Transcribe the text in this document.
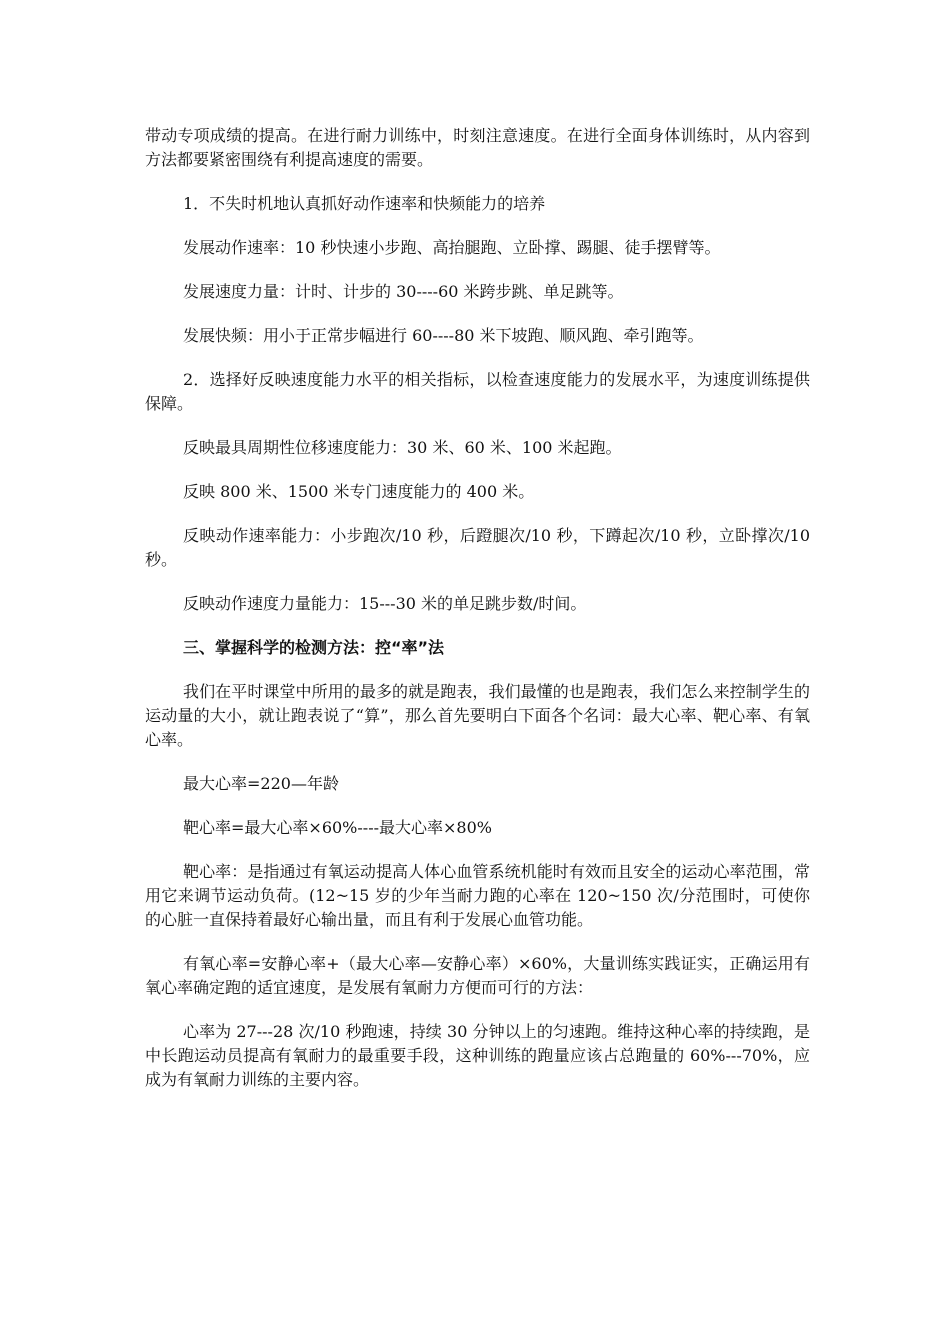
带动专项成绩的提高。在进行耐力训练中，时刻注意速度。在进行全面身体训练时，从内容到方法都要紧密围绕有利提高速度的需要。

1．不失时机地认真抓好动作速率和快频能力的培养

发展动作速率：10 秒快速小步跑、高抬腿跑、立卧撑、踢腿、徒手摆臂等。

发展速度力量：计时、计步的 30----60 米跨步跳、单足跳等。

发展快频：用小于正常步幅进行 60----80 米下坡跑、顺风跑、牵引跑等。

2．选择好反映速度能力水平的相关指标，以检查速度能力的发展水平，为速度训练提供保障。

反映最具周期性位移速度能力：30 米、60 米、100 米起跑。

反映 800 米、1500 米专门速度能力的 400 米。

反映动作速率能力：小步跑次/10 秒，后蹬腿次/10 秒，下蹲起次/10 秒，立卧撑次/10 秒。

反映动作速度力量能力：15---30 米的单足跳步数/时间。

三、掌握科学的检测方法：控“率”法

我们在平时课堂中所用的最多的就是跑表，我们最懂的也是跑表，我们怎么来控制学生的运动量的大小，就让跑表说了“算”，那么首先要明白下面各个名词：最大心率、靶心率、有氧心率。

最大心率=220—年龄

靶心率=最大心率×60%----最大心率×80%

靶心率：是指通过有氧运动提高人体心血管系统机能时有效而且安全的运动心率范围，常用它来调节运动负荷。(12~15 岁的少年当耐力跑的心率在 120~150 次/分范围时，可使你的心脏一直保持着最好心输出量，而且有利于发展心血管功能。

有氧心率=安静心率+（最大心率—安静心率）×60%，大量训练实践证实，正确运用有氧心率确定跑的适宜速度，是发展有氧耐力方便而可行的方法：

心率为 27---28 次/10 秒跑速，持续 30 分钟以上的匀速跑。维持这种心率的持续跑，是中长跑运动员提高有氧耐力的最重要手段，这种训练的跑量应该占总跑量的 60%---70%，应成为有氧耐力训练的主要内容。
